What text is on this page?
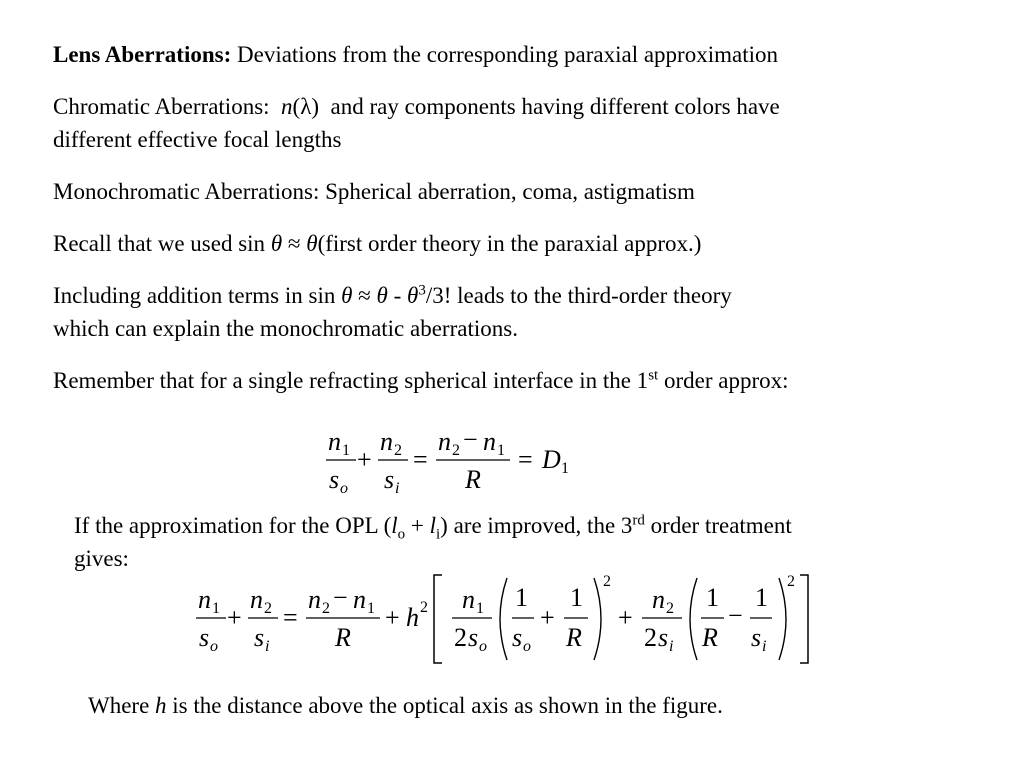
Lens Aberrations: Deviations from the corresponding paraxial approximation
Chromatic Aberrations: n(λ) and ray components having different colors have
different effective focal lengths
Monochromatic Aberrations: Spherical aberration, coma, astigmatism
Recall that we used sin θ ≈ θ(first order theory in the paraxial approx.)
Including addition terms in $\sin \theta \approx \theta - \theta^3/3$! leads to the third-order theory
which can explain the monochromatic aberrations.
Remember that for a single refracting spherical interface in the 1st order approx:
n 1
s o
+
n 2
s i
=
n 2 − n 1
R
= D 1
If the approximation for the OPL $(l_o + l_i)$ are improved, the 3rd order treatment
gives:
n 1
s o
+
n 2
s i
=
n 2 − n 1
R
+ h 2 n 1
2 s o
1
s o
+
1
R
2
+
n 2
2 s i
1
R
−
1
s i
2
Where h is the distance above the optical axis as shown in the figure.
